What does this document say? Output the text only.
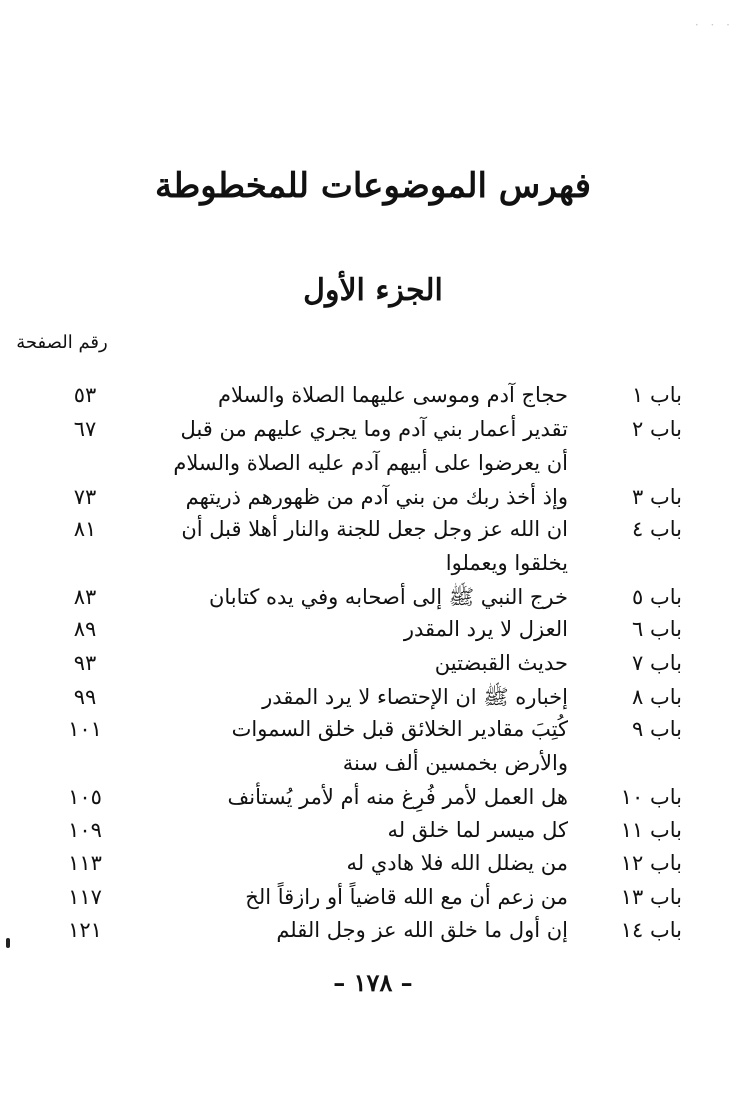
· · ·
فهرس الموضوعات للمخطوطة
الجزء الأول
رقم الصفحة
باب ١
حجاج آدم وموسى عليهما الصلاة والسلام
٥٣
باب ٢
تقدير أعمار بني آدم وما يجري عليهم من قبل أن يعرضوا على أبيهم آدم عليه الصلاة والسلام
٦٧
باب ٣
وإذ أخذ ربك من بني آدم من ظهورهم ذريتهم
٧٣
باب ٤
ان الله عز وجل جعل للجنة والنار أهلا قبل أن يخلقوا ويعملوا
٨١
باب ٥
خرج النبي ﷺ إلى أصحابه وفي يده كتابان
٨٣
باب ٦
العزل لا يرد المقدر
٨٩
باب ٧
حديث القبضتين
٩٣
باب ٨
إخباره ﷺ ان الإحتصاء لا يرد المقدر
٩٩
باب ٩
كُتِبَ مقادير الخلائق قبل خلق السموات والأرض بخمسين ألف سنة
١٠١
باب ١٠
هل العمل لأمر فُرِغ منه أم لأمر يُستأنف
١٠٥
باب ١١
كل ميسر لما خلق له
١٠٩
باب ١٢
من يضلل الله فلا هادي له
١١٣
باب ١٣
من زعم أن مع الله قاضياً أو رازقاً الخ
١١٧
باب ١٤
إن أول ما خلق الله عز وجل القلم
١٢١
– ١٧٨ –
